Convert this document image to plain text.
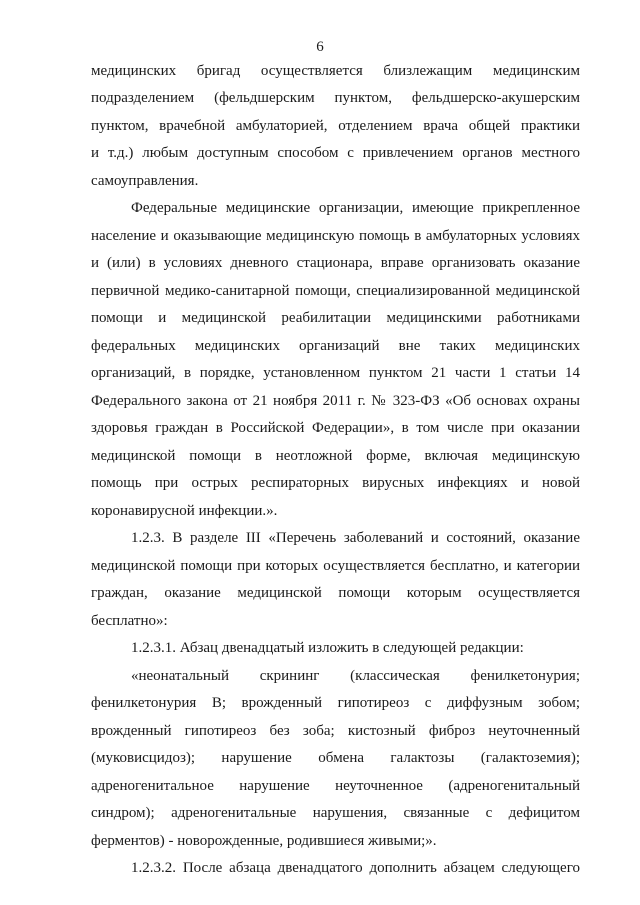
6
медицинских бригад осуществляется близлежащим медицинским
подразделением (фельдшерским пунктом, фельдшерско-акушерским
пунктом, врачебной амбулаторией, отделением врача общей практики
и т.д.) любым доступным способом с привлечением органов местного
самоуправления.
Федеральные медицинские организации, имеющие прикрепленное
население и оказывающие медицинскую помощь в амбулаторных условиях
и (или) в условиях дневного стационара, вправе организовать оказание
первичной медико-санитарной помощи, специализированной медицинской
помощи и медицинской реабилитации медицинскими работниками
федеральных медицинских организаций вне таких медицинских
организаций, в порядке, установленном пунктом 21 части 1 статьи 14
Федерального закона от 21 ноября 2011 г. № 323-ФЗ «Об основах охраны
здоровья граждан в Российской Федерации», в том числе при оказании
медицинской помощи в неотложной форме, включая медицинскую
помощь при острых респираторных вирусных инфекциях и новой
коронавирусной инфекции.».
1.2.3. В разделе III «Перечень заболеваний и состояний, оказание
медицинской помощи при которых осуществляется бесплатно, и категории
граждан, оказание медицинской помощи которым осуществляется
бесплатно»:
1.2.3.1. Абзац двенадцатый изложить в следующей редакции:
«неонатальный скрининг (классическая фенилкетонурия;
фенилкетонурия B; врожденный гипотиреоз с диффузным зобом;
врожденный гипотиреоз без зоба; кистозный фиброз неуточненный
(муковисцидоз); нарушение обмена галактозы (галактоземия);
адреногенитальное нарушение неуточненное (адреногенитальный
синдром); адреногенитальные нарушения, связанные с дефицитом
ферментов) - новорожденные, родившиеся живыми;».
1.2.3.2. После абзаца двенадцатого дополнить абзацем следующего
